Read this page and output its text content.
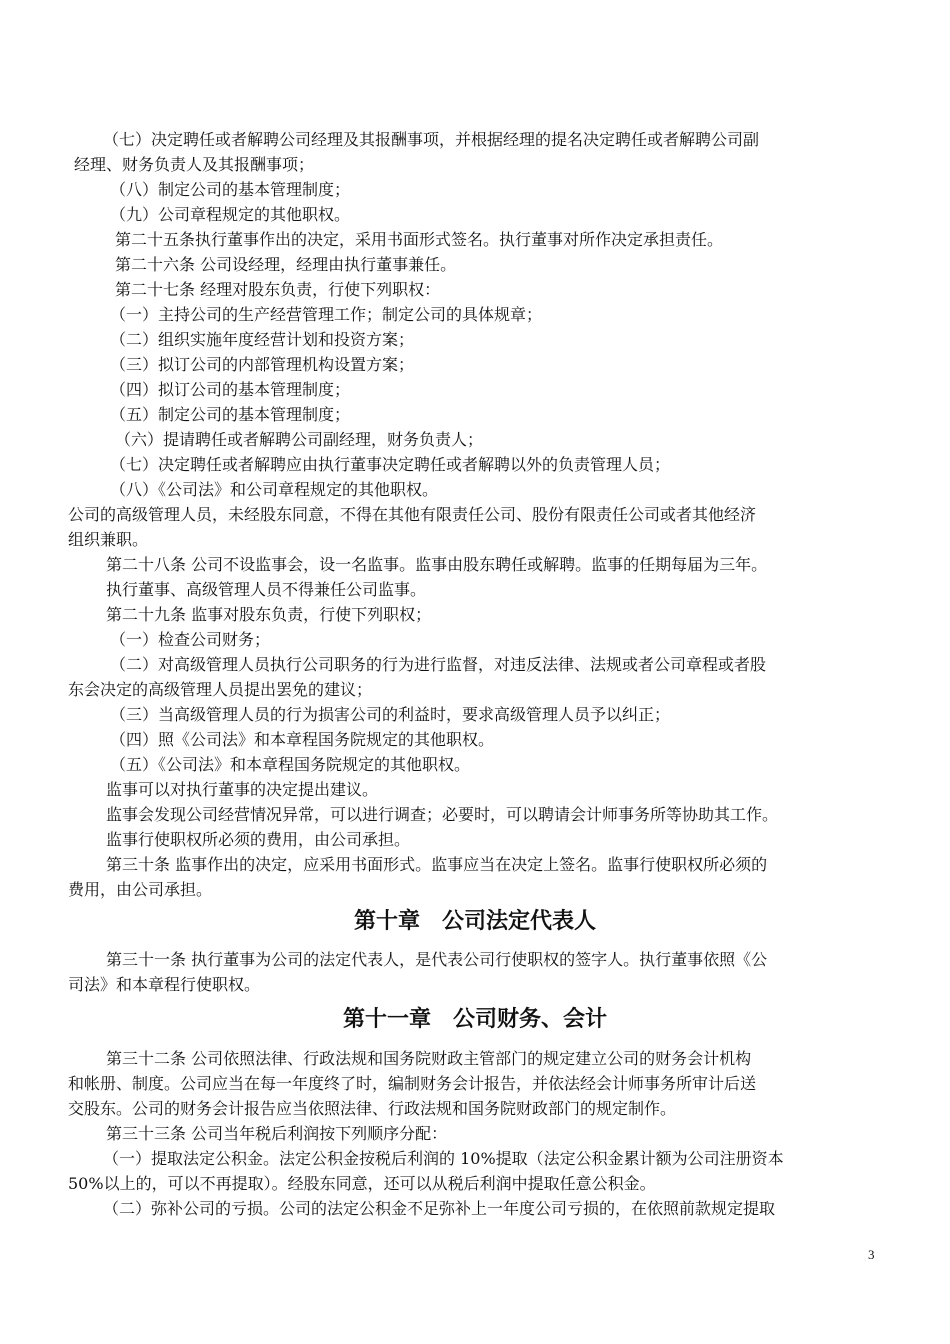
（七）决定聘任或者解聘公司经理及其报酬事项，并根据经理的提名决定聘任或者解聘公司副
经理、财务负责人及其报酬事项；
（八）制定公司的基本管理制度；
（九）公司章程规定的其他职权。
第二十五条执行董事作出的决定，采用书面形式签名。执行董事对所作决定承担责任。
第二十六条 公司设经理，经理由执行董事兼任。
第二十七条 经理对股东负责，行使下列职权：
（一）主持公司的生产经营管理工作；制定公司的具体规章；
（二）组织实施年度经营计划和投资方案；
（三）拟订公司的内部管理机构设置方案；
（四）拟订公司的基本管理制度；
（五）制定公司的基本管理制度；
（六）提请聘任或者解聘公司副经理，财务负责人；
（七）决定聘任或者解聘应由执行董事决定聘任或者解聘以外的负责管理人员；
（八）《公司法》和公司章程规定的其他职权。
公司的高级管理人员，未经股东同意，不得在其他有限责任公司、股份有限责任公司或者其他经济
组织兼职。
第二十八条 公司不设监事会，设一名监事。监事由股东聘任或解聘。监事的任期每届为三年。
执行董事、高级管理人员不得兼任公司监事。
第二十九条 监事对股东负责，行使下列职权；
（一）检查公司财务；
（二）对高级管理人员执行公司职务的行为进行监督，对违反法律、法规或者公司章程或者股
东会决定的高级管理人员提出罢免的建议；
（三）当高级管理人员的行为损害公司的利益时，要求高级管理人员予以纠正；
（四）照《公司法》和本章程国务院规定的其他职权。
（五）《公司法》和本章程国务院规定的其他职权。
监事可以对执行董事的决定提出建议。
监事会发现公司经营情况异常，可以进行调查；必要时，可以聘请会计师事务所等协助其工作。
监事行使职权所必须的费用，由公司承担。
第三十条 监事作出的决定，应采用书面形式。监事应当在决定上签名。监事行使职权所必须的
费用，由公司承担。
第十章　公司法定代表人
第三十一条 执行董事为公司的法定代表人，是代表公司行使职权的签字人。执行董事依照《公
司法》和本章程行使职权。
第十一章　公司财务、会计
第三十二条 公司依照法律、行政法规和国务院财政主管部门的规定建立公司的财务会计机构
和帐册、制度。公司应当在每一年度终了时，编制财务会计报告，并依法经会计师事务所审计后送
交股东。公司的财务会计报告应当依照法律、行政法规和国务院财政部门的规定制作。
第三十三条 公司当年税后利润按下列顺序分配：
（一）提取法定公积金。法定公积金按税后利润的 10%提取（法定公积金累计额为公司注册资本
50%以上的，可以不再提取）。经股东同意，还可以从税后利润中提取任意公积金。
（二）弥补公司的亏损。公司的法定公积金不足弥补上一年度公司亏损的，在依照前款规定提取
3
